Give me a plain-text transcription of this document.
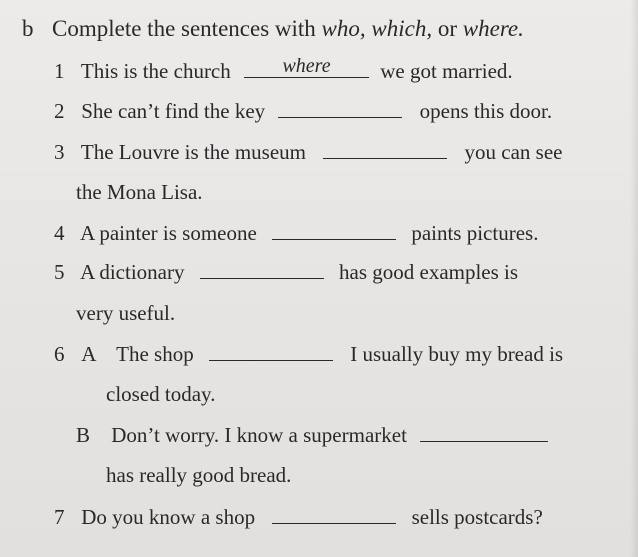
b Complete the sentences with who, which, or where.
1 This is the church	where	we got married.
2 She can’t find the key	opens this door.
3 The Louvre is the museum	you can see
the Mona Lisa.
4 A painter is someone	paints pictures.
5 A dictionary	has good examples is
very useful.
6 A The shop	I usually buy my bread is
closed today.
B Don’t worry. I know a supermarket
has really good bread.
7 Do you know a shop	sells postcards?
